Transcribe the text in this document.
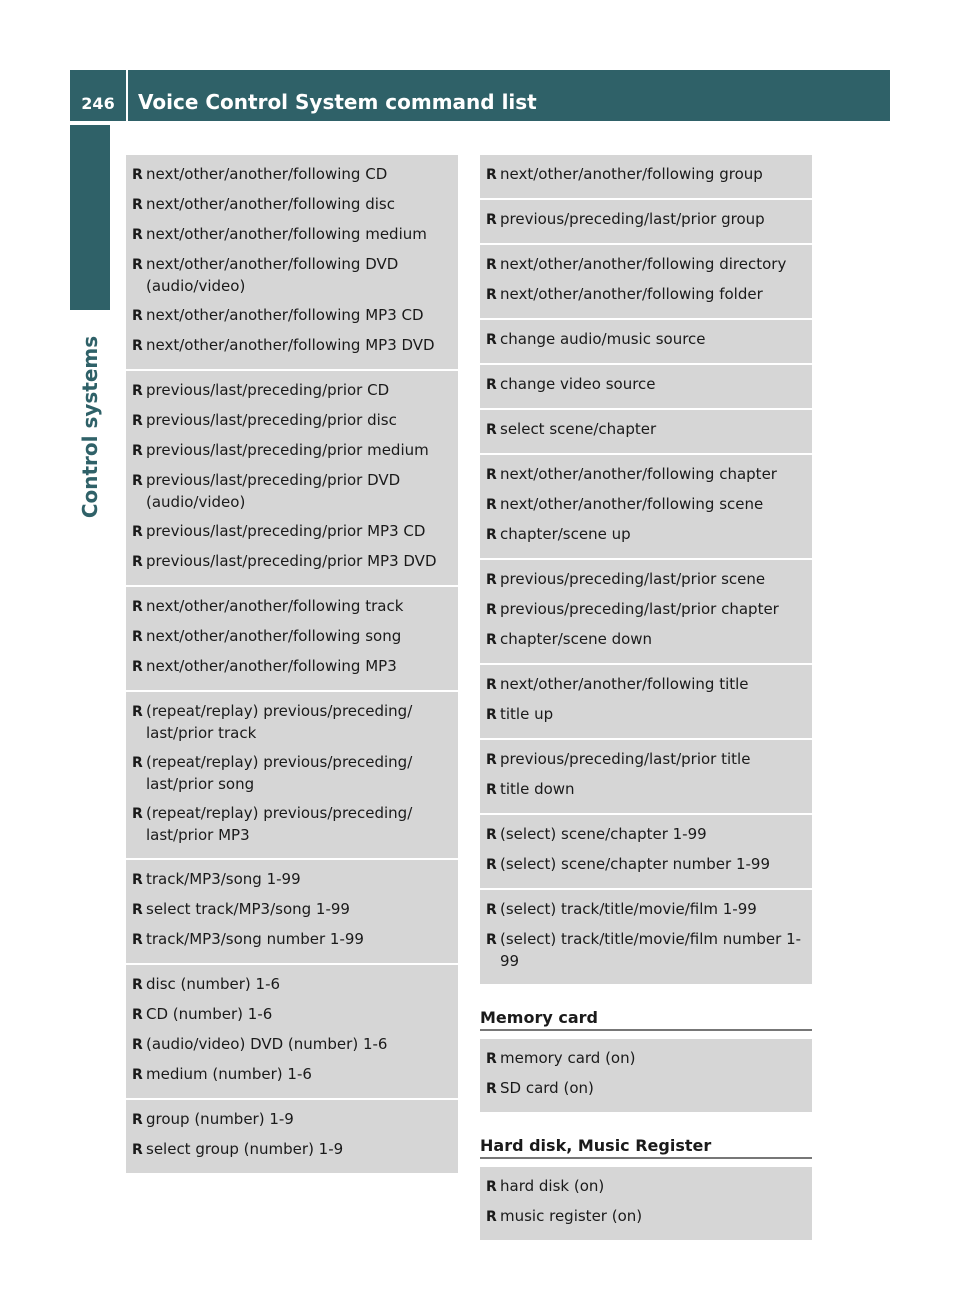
246	Voice Control System command list
Control systems
R next/other/another/following CD
R next/other/another/following disc
R next/other/another/following medium
R next/other/another/following DVD (audio/video)
R next/other/another/following MP3 CD
R next/other/another/following MP3 DVD
R previous/last/preceding/prior CD
R previous/last/preceding/prior disc
R previous/last/preceding/prior medium
R previous/last/preceding/prior DVD (audio/video)
R previous/last/preceding/prior MP3 CD
R previous/last/preceding/prior MP3 DVD
R next/other/another/following track
R next/other/another/following song
R next/other/another/following MP3
R (repeat/replay) previous/preceding/ last/prior track
R (repeat/replay) previous/preceding/ last/prior song
R (repeat/replay) previous/preceding/ last/prior MP3
R track/MP3/song 1-99
R select track/MP3/song 1-99
R track/MP3/song number 1-99
R disc (number) 1-6
R CD (number) 1-6
R (audio/video) DVD (number) 1-6
R medium (number) 1-6
R group (number) 1-9
R select group (number) 1-9
R next/other/another/following group
R previous/preceding/last/prior group
R next/other/another/following directory
R next/other/another/following folder
R change audio/music source
R change video source
R select scene/chapter
R next/other/another/following chapter
R next/other/another/following scene
R chapter/scene up
R previous/preceding/last/prior scene
R previous/preceding/last/prior chapter
R chapter/scene down
R next/other/another/following title
R title up
R previous/preceding/last/prior title
R title down
R (select) scene/chapter 1-99
R (select) scene/chapter number 1-99
R (select) track/title/movie/film 1-99
R (select) track/title/movie/film number 1-99
Memory card
R memory card (on)
R SD card (on)
Hard disk, Music Register
R hard disk (on)
R music register (on)
